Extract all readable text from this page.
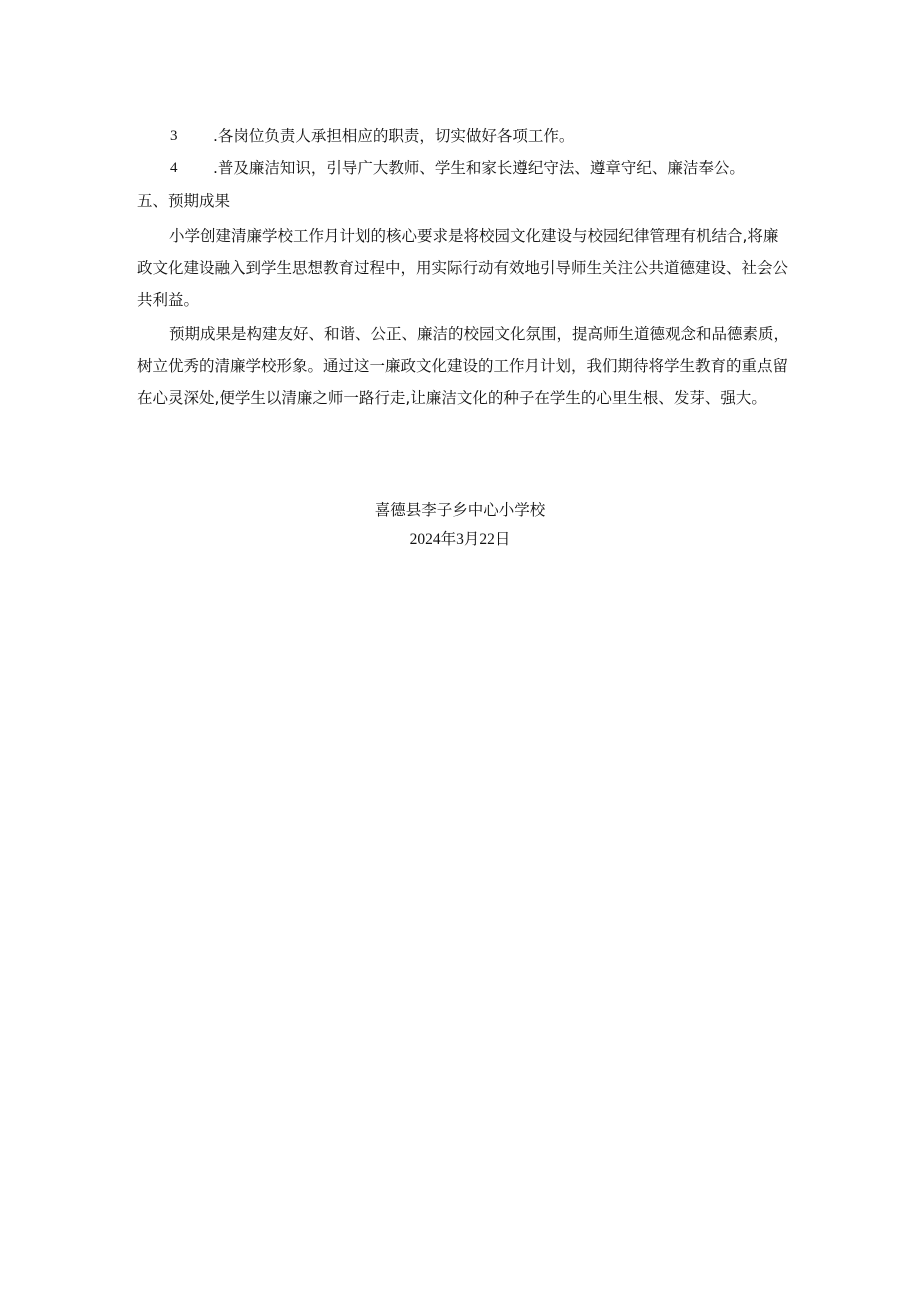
3 .各岗位负责人承担相应的职责，切实做好各项工作。
4 .普及廉洁知识，引导广大教师、学生和家长遵纪守法、遵章守纪、廉洁奉公。
五、预期成果
小学创建清廉学校工作月计划的核心要求是将校园文化建设与校园纪律管理有机结合,将廉
政文化建设融入到学生思想教育过程中，用实际行动有效地引导师生关注公共道德建设、社会公
共利益。
预期成果是构建友好、和谐、公正、廉洁的校园文化氛围，提高师生道德观念和品德素质，
树立优秀的清廉学校形象。通过这一廉政文化建设的工作月计划，我们期待将学生教育的重点留
在心灵深处,便学生以清廉之师一路行走,让廉洁文化的种子在学生的心里生根、发芽、强大。
喜德县李子乡中心小学校
2024年3月22日
